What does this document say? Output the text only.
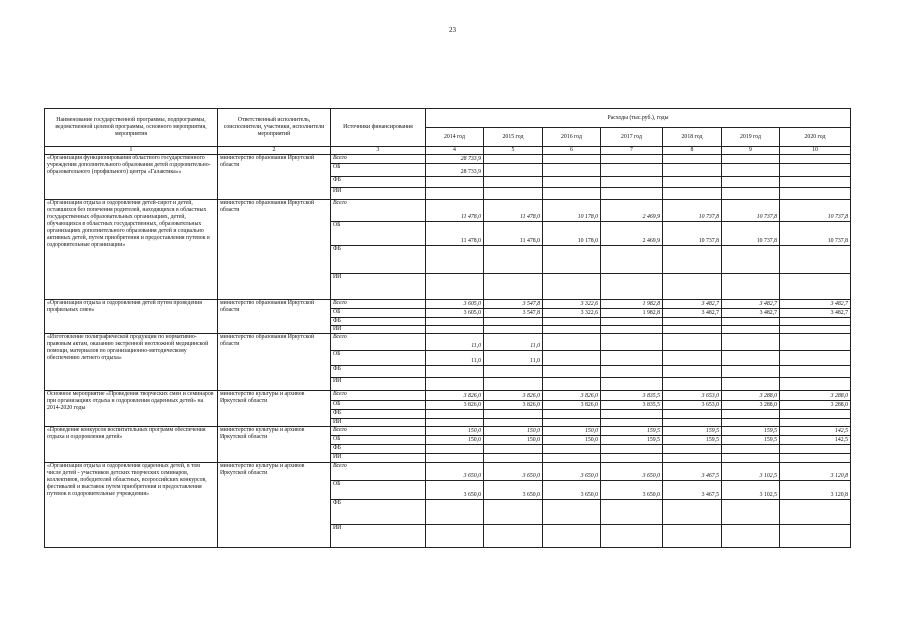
23
Наименование государственной программы, подпрограммы, ведомственной целевой программы, основного мероприятия, мероприятия	Ответственный исполнитель, соисполнители, участники, исполнители мероприятий	Источники финансирования	Расходы (тыс.руб.), годы						
			2014 год	2015 год	2016 год	2017 год	2018 год	2019 год	2020 год
1	2	3	4	5	6	7	8	9	10
«Организация функционирования областного государственного учреждения дополнительного образования детей оздоровительно-образовательного (профильного) центра «Галактика»»	министерство образования Иркутской области	Всего	28 733,9						
		ОБ	28 733,9						
		ФБ							
		ИИ							
«Организация отдыха и оздоровления детей-сирот и детей, оставшихся без попечения родителей, находящихся в областных государственных образовательных организациях, детей, обучающихся в областных государственных, образовательных организациях дополнительного образования детей и социально активных детей, путем приобретения и предоставления путевок в оздоровительные организации»	министерство образования Иркутской области	Всего	11 478,0	11 478,0	10 178,0	2 469,9	10 737,8	10 737,8	10 737,8
		ОБ	11 478,0	11 478,0	10 178,0	2 469,9	10 737,8	10 737,8	10 737,8
		ФБ							
		ИИ							
«Организация отдыха и оздоровления детей путем проведения профильных смен»	министерство образования Иркутской области	Всего	3 605,0	3 547,8	3 322,6	1 982,8	3 482,7	3 482,7	3 482,7
		ОБ	3 605,0	3 547,8	3 322,6	1 982,8	3 482,7	3 482,7	3 482,7
		ФБ							
		ИИ							
«Изготовление полиграфической продукции по нормативно-правовым актам, оказанию экстренной неотложной медицинской помощи, материалов по организационно-методическому обеспечению летнего отдыха»	министерство образования Иркутской области	Всего	11,0	11,0					
		ОБ	11,0	11,0					
		ФБ							
		ИИ							
Основное мероприятие «Проведения творческих смен и семинаров при организациях отдыха и оздоровления одаренных детей» на 2014-2020 годы	министерство культуры и архивов Иркутской области	Всего	3 826,0	3 826,0	3 826,0	3 835,5	3 653,0	3 288,0	3 288,0
		ОБ	3 826,0	3 826,0	3 826,0	3 835,5	3 653,0	3 288,0	3 288,0
		ФБ							
		ИИ							
«Проведение конкурсов воспитательных программ обеспечения отдыха и оздоровления детей»	министерство культуры и архивов Иркутской области	Всего	150,0	150,0	150,0	159,5	159,5	159,5	142,5
		ОБ	150,0	150,0	150,0	159,5	159,5	159,5	142,5
		ФБ							
		ИИ							
«Организация отдыха и оздоровления одаренных детей, в том числе детей - участников детских творческих семинаров, коллективов, победителей областных, всероссийских конкурсов, фестивалей и выставок путем приобретения и предоставления путевок в оздоровительные учреждения»	министерство культуры и архивов Иркутской области	Всего	3 650,0	3 650,0	3 650,0	3 650,0	3 467,5	3 102,5	3 120,8
		ОБ	3 650,0	3 650,0	3 650,0	3 650,0	3 467,5	3 102,5	3 120,8
		ФБ							
		ИИ							
